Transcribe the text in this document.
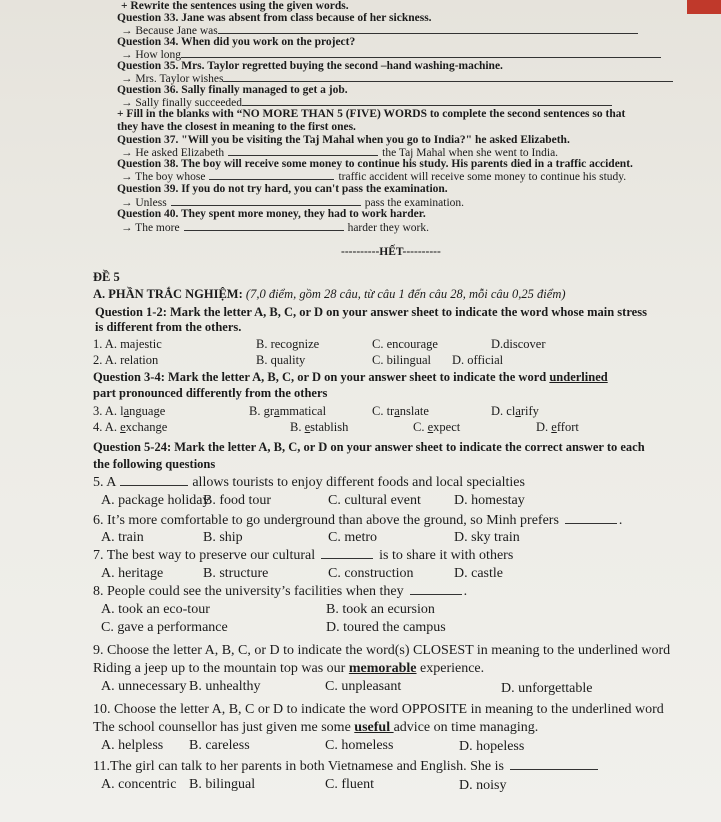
+ Rewrite the sentences using the given words.
Question 33. Jane was absent from class because of her sickness.
→ Because Jane was
Question 34. When did you work on the project?
→ How long
Question 35. Mrs. Taylor regretted buying the second –hand washing-machine.
→ Mrs. Taylor wishes
Question 36. Sally finally managed to get a job.
→ Sally finally succeeded
+ Fill in the blanks with “NO MORE THAN 5 (FIVE) WORDS to complete the second sentences so that
they have the closest in meaning to the first ones.
Question 37. "Will you be visiting the Taj Mahal when you go to India?" he asked Elizabeth.
→ He asked Elizabeth	the Taj Mahal when she went to India.
Question 38. The boy will receive some money to continue his study. His parents died in a traffic accident.
→ The boy whose	traffic accident will receive some money to continue his study.
Question 39. If you do not try hard, you can't pass the examination.
→ Unless	pass the examination.
Question 40. They spent more money, they had to work harder.
→ The more	harder they work.
----------HẾT----------
ĐỀ 5
A. PHẦN TRẮC NGHIỆM: (7,0 điểm, gồm 28 câu, từ câu 1 đến câu 28, mỗi câu 0,25 điểm)
Question 1-2: Mark the letter A, B, C, or D on your answer sheet to indicate the word whose main stress
is different from the others.
1. A. majestic	B. recognize	C. encourage	D.discover
2. A. relation	B. quality	C. bilingual D. official
Question 3-4: Mark the letter A, B, C, or D on your answer sheet to indicate the word underlined
part pronounced differently from the others
3. A. language	B. grammatical	C. translate	D. clarify
4. A. exchange	B. establish	C. expect	D. effort
Question 5-24: Mark the letter A, B, C, or D on your answer sheet to indicate the correct answer to each
the following questions
5. A	allows tourists to enjoy different foods and local specialties
A. package holiday
B. food tour	C. cultural event D. homestay
6. It’s more comfortable to go underground than above the ground, so Minh prefers	.
A. train	B. ship	C. metro	D. sky train
7. The best way to preserve our cultural	is to share it with others
A. heritage	B. structure	C. construction	D. castle
8. People could see the university’s facilities when they	.
A. took an eco-tour	B. took an ecursion
C. gave a performance	D. toured the campus
9. Choose the letter A, B, C, or D to indicate the word(s) CLOSEST in meaning to the underlined word
Riding a jeep up to the mountain top was our memorable experience.
A. unnecessary B. unhealthy	C. unpleasant	D. unforgettable
10. Choose the letter A, B, C or D to indicate the word OPPOSITE in meaning to the underlined word
The school counsellor has just given me some useful advice on time managing.
A. helpless B. careless	C. homeless	D. hopeless
11.The girl can talk to her parents in both Vietnamese and English. She is
A. concentric B. bilingual	C. fluent	D. noisy
